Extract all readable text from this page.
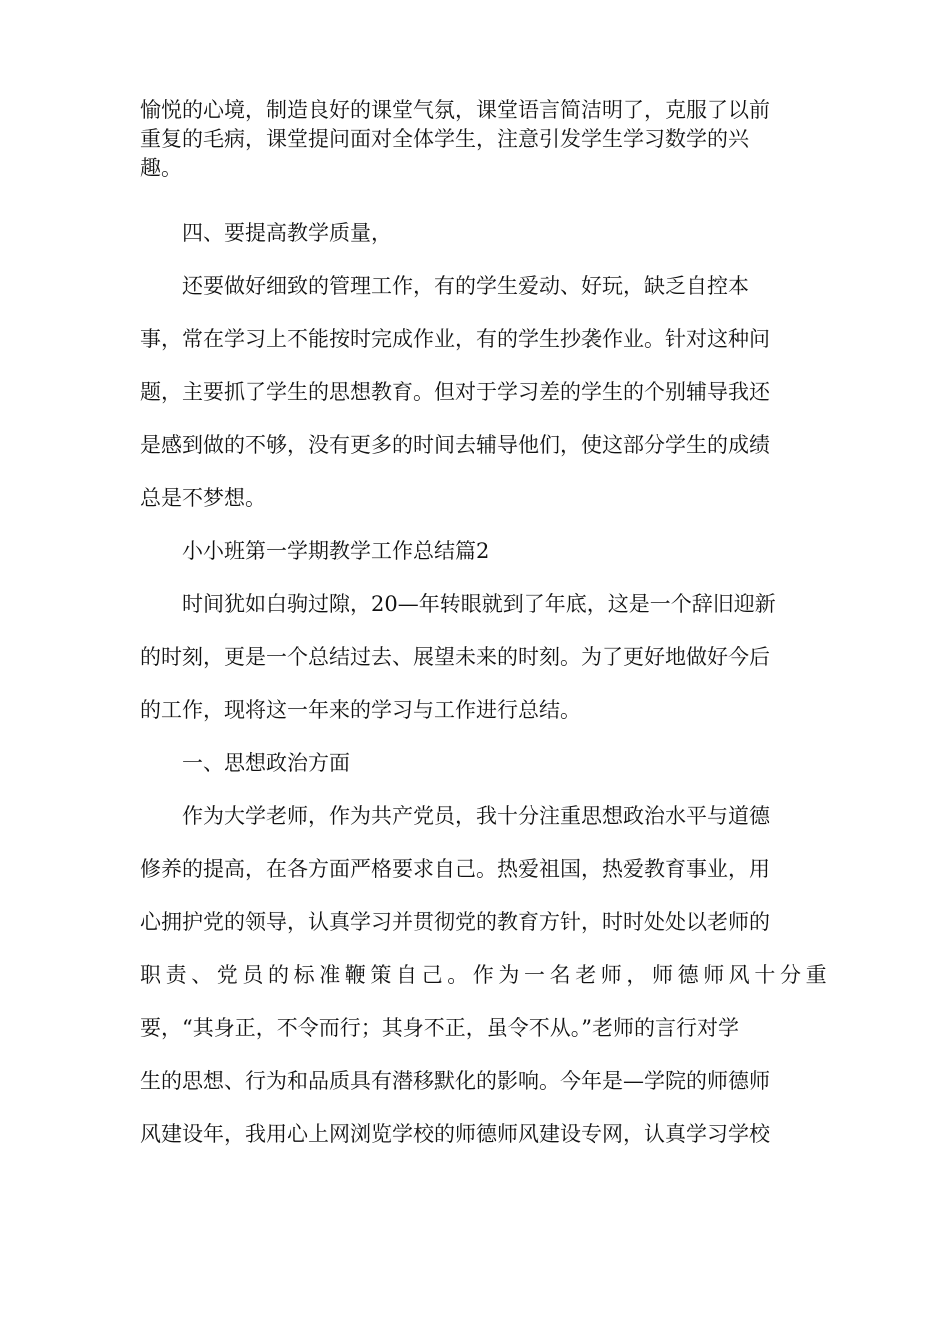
愉悦的心境，制造良好的课堂气氛，课堂语言简洁明了，克服了以前
重复的毛病，课堂提问面对全体学生，注意引发学生学习数学的兴
趣。
四、要提高教学质量，
还要做好细致的管理工作，有的学生爱动、好玩，缺乏自控本
事，常在学习上不能按时完成作业，有的学生抄袭作业。针对这种问
题，主要抓了学生的思想教育。但对于学习差的学生的个别辅导我还
是感到做的不够，没有更多的时间去辅导他们，使这部分学生的成绩
总是不梦想。
小小班第一学期教学工作总结篇2
时间犹如白驹过隙，20—年转眼就到了年底，这是一个辞旧迎新
的时刻，更是一个总结过去、展望未来的时刻。为了更好地做好今后
的工作，现将这一年来的学习与工作进行总结。
一、思想政治方面
作为大学老师，作为共产党员，我十分注重思想政治水平与道德
修养的提高，在各方面严格要求自己。热爱祖国，热爱教育事业，用
心拥护党的领导，认真学习并贯彻党的教育方针，时时处处以老师的
职责、党员的标准鞭策自己。作为一名老师，师德师风十分重
要，“其身正，不令而行；其身不正，虽令不从。”老师的言行对学
生的思想、行为和品质具有潜移默化的影响。今年是—学院的师德师
风建设年，我用心上网浏览学校的师德师风建设专网，认真学习学校
